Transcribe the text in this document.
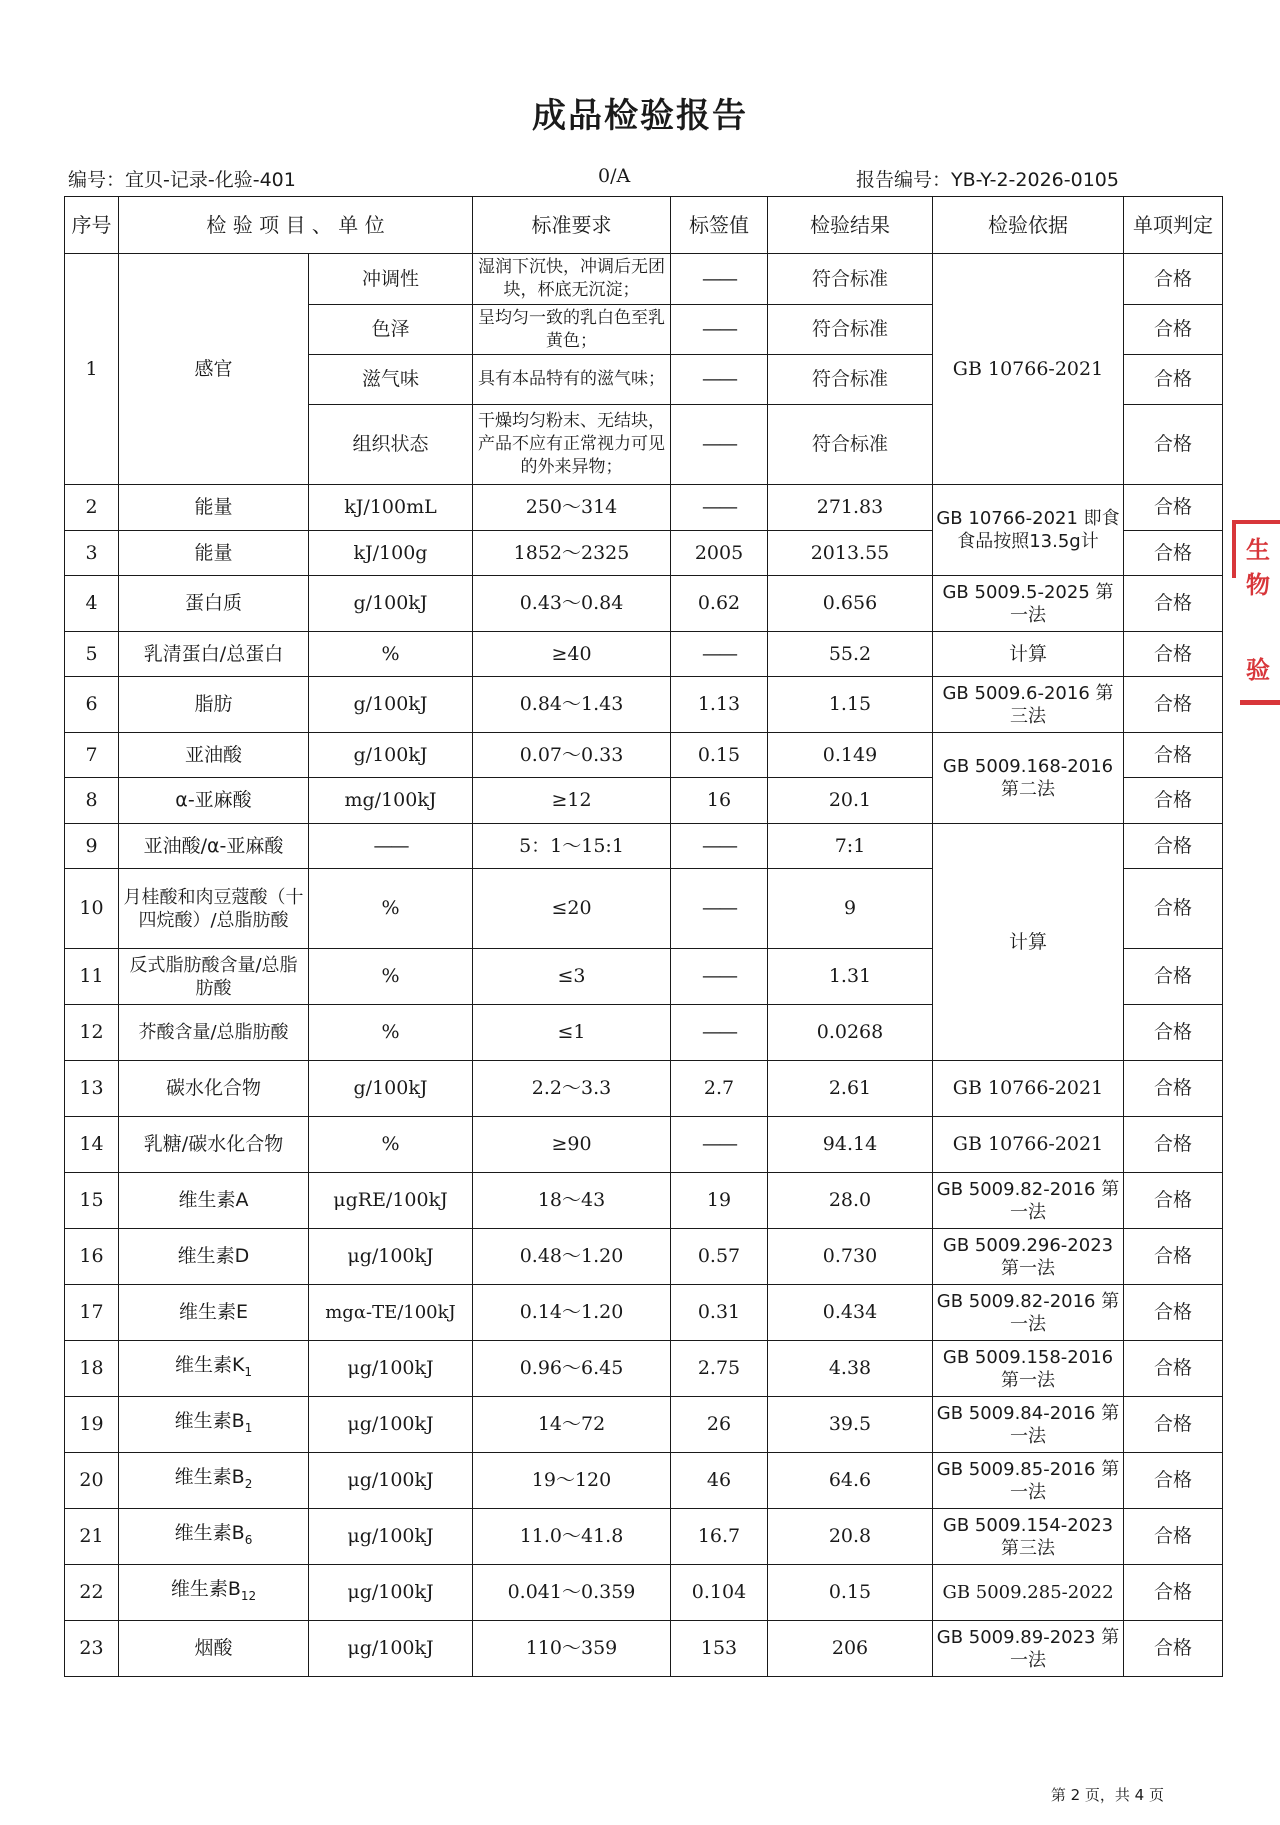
成品检验报告
编号：宜贝-记录-化验-401	0/A	报告编号：YB-Y-2-2026-0105
序号	检 验 项 目 、 单 位		标准要求	标签值	检验结果	检验依据	单项判定
1	感官	冲调性	湿润下沉快，冲调后无团块，杯底无沉淀；	——	符合标准	GB 10766-2021	合格
		色泽	呈均匀一致的乳白色至乳黄色；	——	符合标准		合格
		滋气味	具有本品特有的滋气味；	——	符合标准		合格
		组织状态	干燥均匀粉末、无结块，产品不应有正常视力可见的外来异物；	——	符合标准		合格
2	能量	kJ/100mL	250～314	——	271.83	GB 10766-2021 即食食品按照13.5g计	合格
3	能量	kJ/100g	1852～2325	2005	2013.55		合格
4	蛋白质	g/100kJ	0.43～0.84	0.62	0.656	GB 5009.5-2025 第一法	合格
5	乳清蛋白/总蛋白	%	≥40	——	55.2	计算	合格
6	脂肪	g/100kJ	0.84～1.43	1.13	1.15	GB 5009.6-2016 第三法	合格
7	亚油酸	g/100kJ	0.07～0.33	0.15	0.149	GB 5009.168-2016 第二法	合格
8	α-亚麻酸	mg/100kJ	≥12	16	20.1		合格
9	亚油酸/α-亚麻酸	——	5：1～15:1	——	7:1	计算	合格
10	月桂酸和肉豆蔻酸（十四烷酸）/总脂肪酸	%	≤20	——	9		合格
11	反式脂肪酸含量/总脂肪酸	%	≤3	——	1.31		合格
12	芥酸含量/总脂肪酸	%	≤1	——	0.0268		合格
13	碳水化合物	g/100kJ	2.2～3.3	2.7	2.61	GB 10766-2021	合格
14	乳糖/碳水化合物	%	≥90	——	94.14	GB 10766-2021	合格
15	维生素A	μgRE/100kJ	18～43	19	28.0	GB 5009.82-2016 第一法	合格
16	维生素D	μg/100kJ	0.48～1.20	0.57	0.730	GB 5009.296-2023 第一法	合格
17	维生素E	mgα-TE/100kJ	0.14～1.20	0.31	0.434	GB 5009.82-2016 第一法	合格
18	维生素$K_1$	μg/100kJ	0.96～6.45	2.75	4.38	GB 5009.158-2016 第一法	合格
19	维生素$B_1$	μg/100kJ	14～72	26	39.5	GB 5009.84-2016 第一法	合格
20	维生素$B_2$	μg/100kJ	19～120	46	64.6	GB 5009.85-2016 第一法	合格
21	维生素$B_6$	μg/100kJ	11.0～41.8	16.7	20.8	GB 5009.154-2023 第三法	合格
22	维生素$B_{12}$	μg/100kJ	0.041～0.359	0.104	0.15	GB 5009.285-2022	合格
23	烟酸	μg/100kJ	110～359	153	206	GB 5009.89-2023 第一法	合格
生物
验
第 2 页，共 4 页
